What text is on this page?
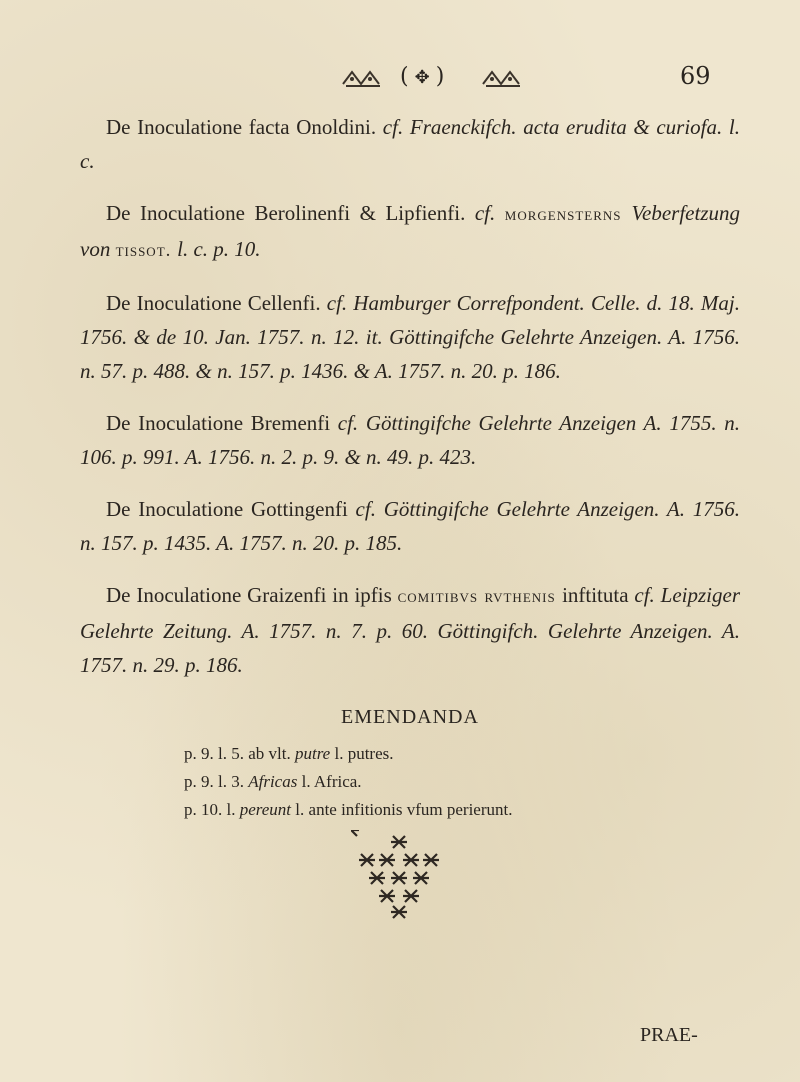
( ✥)	69

De Inoculatione facta Onoldini. cf. Fraenckifch. acta erudita & curiofa. l. c.

De Inoculatione Berolinenfi & Lipfienfi. cf. morgensterns Veberfetzung von tissot. l. c. p. 10.

De Inoculatione Cellenfi. cf. Hamburger Correfpondent. Celle. d. 18. Maj. 1756. & de 10. Jan. 1757. n. 12. it. Göttingifche Gelehrte Anzeigen. A. 1756. n. 57. p. 488. & n. 157. p. 1436. & A. 1757. n. 20. p. 186.

De Inoculatione Bremenfi cf. Göttingifche Gelehrte Anzeigen A. 1755. n. 106. p. 991. A. 1756. n. 2. p. 9. & n. 49. p. 423.

De Inoculatione Gottingenfi cf. Göttingifche Gelehrte Anzeigen. A. 1756. n. 157. p. 1435. A. 1757. n. 20. p. 185.

De Inoculatione Graizenfi in ipfis comitibvs rvthenis inftituta cf. Leipziger Gelehrte Zeitung. A. 1757. n. 7. p. 60. Göttingifch. Gelehrte Anzeigen. A. 1757. n. 29. p. 186.

EMENDANDA
p. 9. l. 5. ab vlt. putre l. putres.
p. 9. l. 3. Africas l. Africa.
p. 10. l. pereunt l. ante infitionis vfum perierunt.
PRAE-
